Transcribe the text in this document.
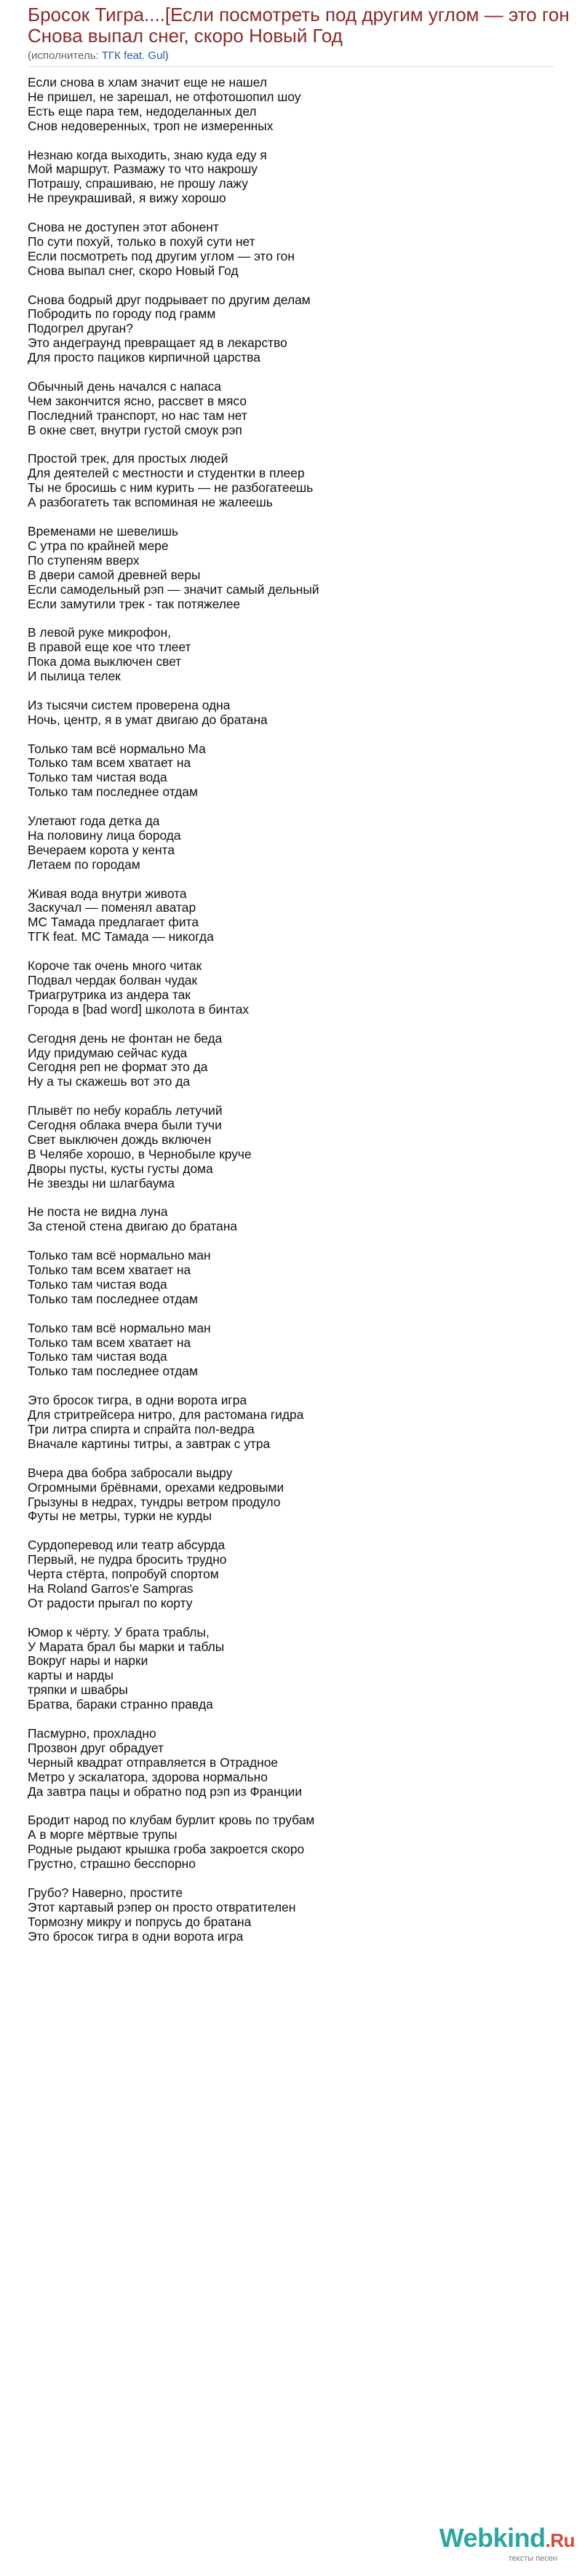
Бросок Тигра....[Если посмотреть под другим углом — это гон Снова выпал снег, скоро Новый Год
(исполнитель: ТГК feat. Gul)
Если снова в хлам значит еще не нашел
Не пришел, не зарешал, не отфотошопил шоу
Есть еще пара тем, недоделанных дел
Снов недоверенных, троп не измеренных
Незнаю когда выходить, знаю куда еду я
Мой маршрут. Размажу то что накрошу
Потрашу, спрашиваю, не прошу лажу
Не преукрашивай, я вижу хорошо
Снова не доступен этот абонент
По сути похуй, только в похуй сути нет
Если посмотреть под другим углом — это гон
Снова выпал снег, скоро Новый Год
Снова бодрый друг подрывает по другим делам
Побродить по городу под грамм
Подогрел друган?
Это андеграунд превращает яд в лекарство
Для просто пациков кирпичной царства
Обычный день начался с напаса
Чем закончится ясно, рассвет в мясо
Последний транспорт, но нас там нет
В окне свет, внутри густой смоук рэп
Простой трек, для простых людей
Для деятелей с местности и студентки в плеер
Ты не бросишь с ним курить — не разбогатеешь
А разбогатеть так вспоминая не жалеешь
Временами не шевелишь
С утра по крайней мере
По ступеням вверх
В двери самой древней веры
Если самодельный рэп — значит самый дельный
Если замутили трек - так потяжелее
В левой руке микрофон,
В правой еще кое что тлеет
Пока дома выключен свет
И пылица телек
Из тысячи систем проверена одна
Ночь, центр, я в умат двигаю до братана
Только там всё нормально Ма
Только там всем хватает на
Только там чистая вода
Только там последнее отдам
Улетают года детка да
На половину лица борода
Вечераем корота у кента
Летаем по городам
Живая вода внутри живота
Заскучал — поменял аватар
МС Тамада предлагает фита
ТГК feat. МС Тамада — никогда
Короче так очень много читак
Подвал чердак болван чудак
Триагрутрика из андера так
Города в [bad word] школота в бинтах
Сегодня день не фонтан не беда
Иду придумаю сейчас куда
Сегодня реп не формат это да
Ну а ты скажешь вот это да
Плывёт по небу корабль летучий
Сегодня облака вчера были тучи
Свет выключен дождь включен
В Челябе хорошо, в Чернобыле круче
Дворы пусты, кусты густы дома
Не звезды ни шлагбаума
Не поста не видна луна
За стеной стена двигаю до братана
Только там всё нормально ман
Только там всем хватает на
Только там чистая вода
Только там последнее отдам
Только там всё нормально ман
Только там всем хватает на
Только там чистая вода
Только там последнее отдам
Это бросок тигра, в одни ворота игра
Для стритрейсера нитро, для растомана гидра
Три литра спирта и спрайта пол-ведра
Вначале картины титры, а завтрак с утра
Вчера два бобра забросали выдру
Огромными брёвнами, орехами кедровыми
Грызуны в недрах, тундры ветром продуло
Футы не метры, турки не курды
Сурдоперевод или театр абсурда
Первый, не пудра бросить трудно
Черта стёрта, попробуй спортом
На Roland Garros'e Sampras
От радости прыгал по корту
Юмор к чёрту. У брата траблы,
У Марата брал бы марки и таблы
Вокруг нары и нарки
карты и нарды
тряпки и швабры
Братва, бараки странно правда
Пасмурно, прохладно
Прозвон друг обрадует
Черный квадрат отправляется в Отрадное
Метро у эскалатора, здорова нормально
Да завтра пацы и обратно под рэп из Франции
Бродит народ по клубам бурлит кровь по трубам
А в морге мёртвые трупы
Родные рыдают крышка гроба закроется скоро
Грустно, страшно бесспорно
Грубо? Наверно, простите
Этот картавый рэпер он просто отвратителен
Тормозну микру и попрусь до братана
Это бросок тигра в одни ворота игра
Webkind.Ru
тексты песен
